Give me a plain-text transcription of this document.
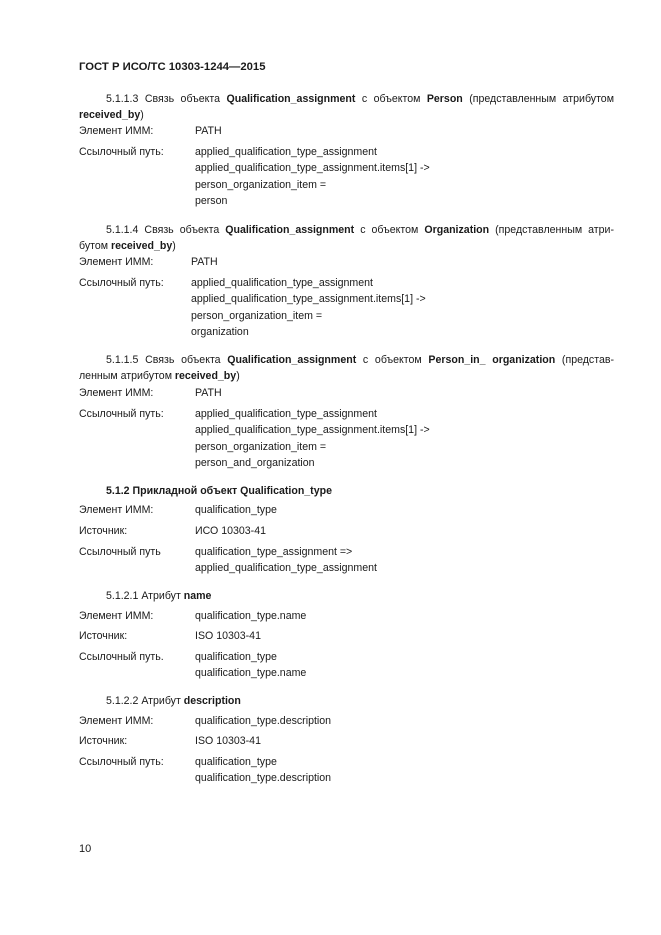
ГОСТ Р ИСО/ТС 10303-1244—2015
5.1.1.3 Связь объекта Qualification_assignment с объектом Person (представленным атрибутом received_by)
Элемент ИММ:	PATH
Ссылочный путь:	applied_qualification_type_assignment
applied_qualification_type_assignment.items[1] ->
person_organization_item =
person
5.1.1.4 Связь объекта Qualification_assignment с объектом Organization (представленным атри-бутом received_by)
Элемент ИММ:	PATH
Ссылочный путь:	applied_qualification_type_assignment
applied_qualification_type_assignment.items[1] ->
person_organization_item =
organization
5.1.1.5 Связь объекта Qualification_assignment с объектом Person_in_ organization (представ-ленным атрибутом received_by)
Элемент ИММ:	PATH
Ссылочный путь:	applied_qualification_type_assignment
applied_qualification_type_assignment.items[1] ->
person_organization_item =
person_and_organization
5.1.2 Прикладной объект Qualification_type
Элемент ИММ:	qualification_type
Источник:	ИСО 10303-41
Ссылочный путь	qualification_type_assignment =>
applied_qualification_type_assignment
5.1.2.1 Атрибут name
Элемент ИММ:	qualification_type.name
Источник:	ISO 10303-41
Ссылочный путь.	qualification_type
qualification_type.name
5.1.2.2 Атрибут description
Элемент ИММ:	qualification_type.description
Источник:	ISO 10303-41
Ссылочный путь:	qualification_type
qualification_type.description
10
